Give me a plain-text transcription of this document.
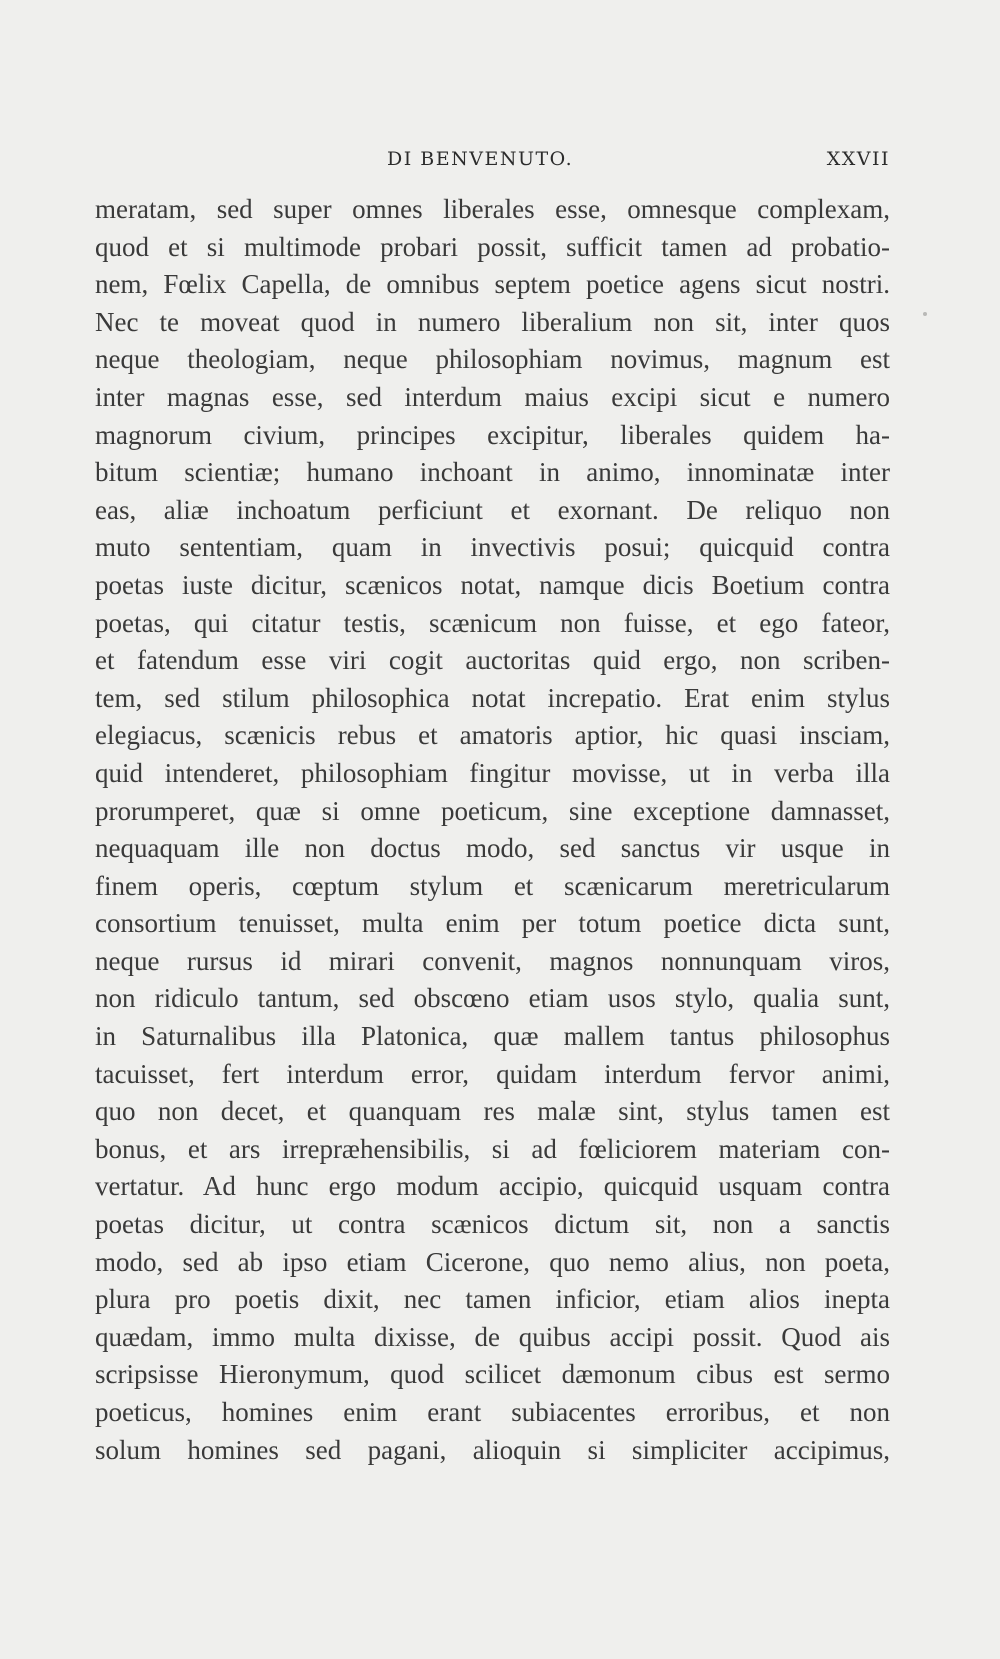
DI BENVENUTO.	XXVII
meratam, sed super omnes liberales esse, omnesque complexam,
quod et si multimode probari possit, sufficit tamen ad probatio-
nem, Fœlix Capella, de omnibus septem poetice agens sicut nostri.
Nec te moveat quod in numero liberalium non sit, inter quos
neque theologiam, neque philosophiam novimus, magnum est
inter magnas esse, sed interdum maius excipi sicut e numero
magnorum civium, principes excipitur, liberales quidem ha-
bitum scientiæ; humano inchoant in animo, innominatæ inter
eas, aliæ inchoatum perficiunt et exornant. De reliquo non
muto sententiam, quam in invectivis posui; quicquid contra
poetas iuste dicitur, scænicos notat, namque dicis Boetium contra
poetas, qui citatur testis, scænicum non fuisse, et ego fateor,
et fatendum esse viri cogit auctoritas quid ergo, non scriben-
tem, sed stilum philosophica notat increpatio. Erat enim stylus
elegiacus, scænicis rebus et amatoris aptior, hic quasi insciam,
quid intenderet, philosophiam fingitur movisse, ut in verba illa
prorumperet, quæ si omne poeticum, sine exceptione damnasset,
nequaquam ille non doctus modo, sed sanctus vir usque in
finem operis, cœptum stylum et scænicarum meretricularum
consortium tenuisset, multa enim per totum poetice dicta sunt,
neque rursus id mirari convenit, magnos nonnunquam viros,
non ridiculo tantum, sed obscœno etiam usos stylo, qualia sunt,
in Saturnalibus illa Platonica, quæ mallem tantus philosophus
tacuisset, fert interdum error, quidam interdum fervor animi,
quo non decet, et quanquam res malæ sint, stylus tamen est
bonus, et ars irrepræhensibilis, si ad fœliciorem materiam con-
vertatur. Ad hunc ergo modum accipio, quicquid usquam contra
poetas dicitur, ut contra scænicos dictum sit, non a sanctis
modo, sed ab ipso etiam Cicerone, quo nemo alius, non poeta,
plura pro poetis dixit, nec tamen inficior, etiam alios inepta
quædam, immo multa dixisse, de quibus accipi possit. Quod ais
scripsisse Hieronymum, quod scilicet dæmonum cibus est sermo
poeticus, homines enim erant subiacentes erroribus, et non
solum homines sed pagani, alioquin si simpliciter accipimus,
